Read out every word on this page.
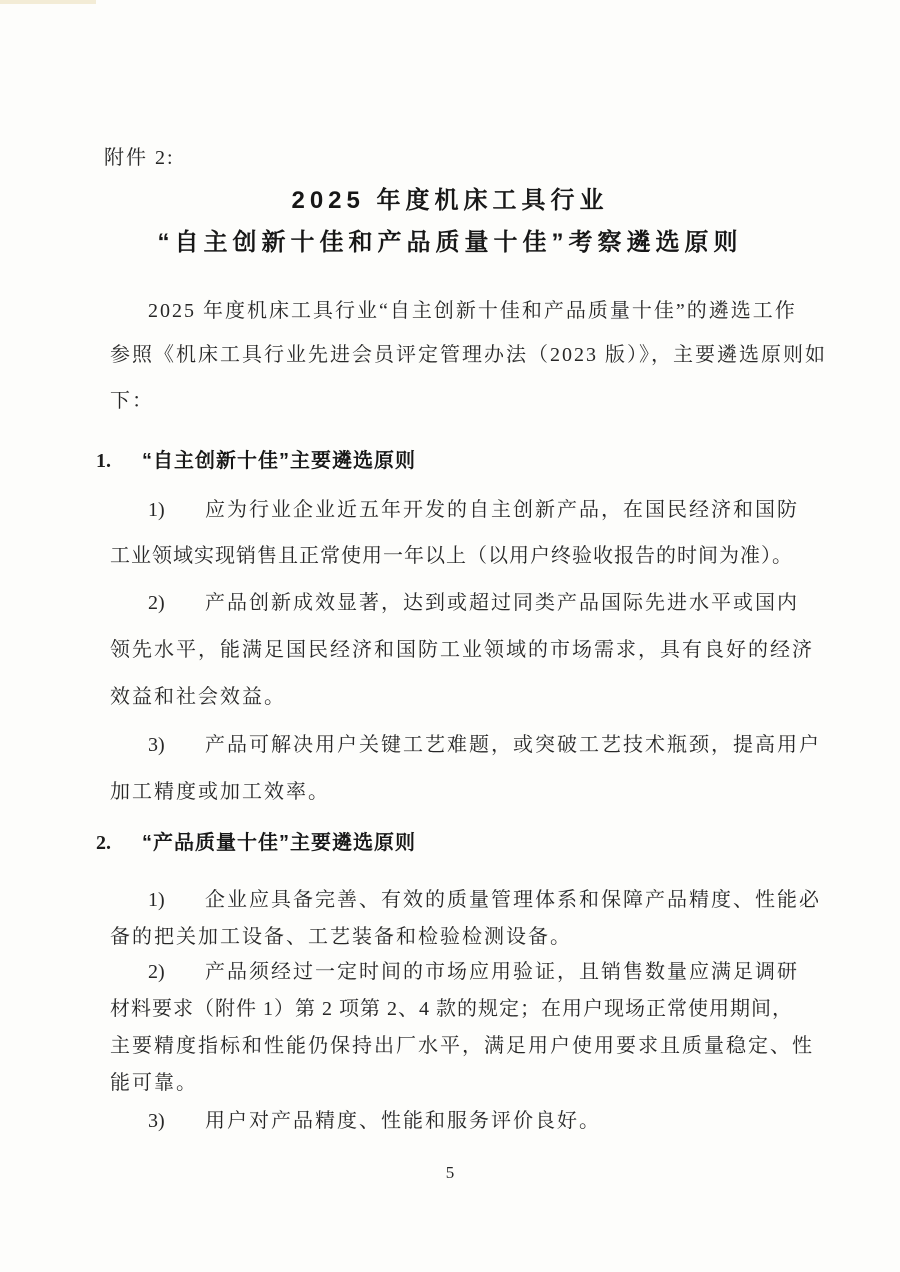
附件 2:
2025 年度机床工具行业
“自主创新十佳和产品质量十佳”考察遴选原则
2025 年度机床工具行业“自主创新十佳和产品质量十佳”的遴选工作
参照《机床工具行业先进会员评定管理办法（2023 版）》，主要遴选原则如
下：
1. “自主创新十佳”主要遴选原则
1) 应为行业企业近五年开发的自主创新产品，在国民经济和国防
工业领域实现销售且正常使用一年以上（以用户终验收报告的时间为准）。
2) 产品创新成效显著，达到或超过同类产品国际先进水平或国内
领先水平，能满足国民经济和国防工业领域的市场需求，具有良好的经济
效益和社会效益。
3) 产品可解决用户关键工艺难题，或突破工艺技术瓶颈，提高用户
加工精度或加工效率。
2. “产品质量十佳”主要遴选原则
1) 企业应具备完善、有效的质量管理体系和保障产品精度、性能必
备的把关加工设备、工艺装备和检验检测设备。
2) 产品须经过一定时间的市场应用验证，且销售数量应满足调研
材料要求（附件 1）第 2 项第 2、4 款的规定；在用户现场正常使用期间，
主要精度指标和性能仍保持出厂水平，满足用户使用要求且质量稳定、性
能可靠。
3) 用户对产品精度、性能和服务评价良好。
5
